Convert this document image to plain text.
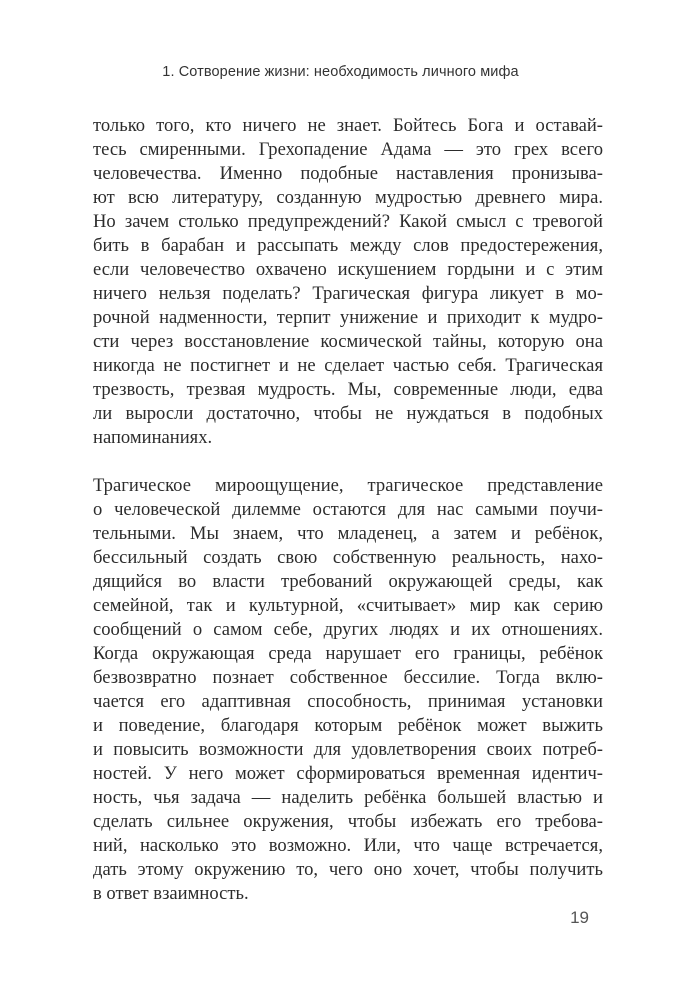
1. Сотворение жизни: необходимость личного мифа
только того, кто ничего не знает. Бойтесь Бога и оставай-
тесь смиренными. Грехопадение Адама — это грех всего
человечества. Именно подобные наставления пронизыва-
ют всю литературу, созданную мудростью древнего мира.
Но зачем столько предупреждений? Какой смысл с тревогой
бить в барабан и рассыпать между слов предостережения,
если человечество охвачено искушением гордыни и с этим
ничего нельзя поделать? Трагическая фигура ликует в мо-
рочной надменности, терпит унижение и приходит к мудро-
сти через восстановление космической тайны, которую она
никогда не постигнет и не сделает частью себя. Трагическая
трезвость, трезвая мудрость. Мы, современные люди, едва
ли выросли достаточно, чтобы не нуждаться в подобных
напоминаниях.
Трагическое мироощущение, трагическое представление
о человеческой дилемме остаются для нас самыми поучи-
тельными. Мы знаем, что младенец, а затем и ребёнок,
бессильный создать свою собственную реальность, нахо-
дящийся во власти требований окружающей среды, как
семейной, так и культурной, «считывает» мир как серию
сообщений о самом себе, других людях и их отношениях.
Когда окружающая среда нарушает его границы, ребёнок
безвозвратно познает собственное бессилие. Тогда вклю-
чается его адаптивная способность, принимая установки
и поведение, благодаря которым ребёнок может выжить
и повысить возможности для удовлетворения своих потреб-
ностей. У него может сформироваться временная идентич-
ность, чья задача — наделить ребёнка большей властью и
сделать сильнее окружения, чтобы избежать его требова-
ний, насколько это возможно. Или, что чаще встречается,
дать этому окружению то, чего оно хочет, чтобы получить
в ответ взаимность.
19
